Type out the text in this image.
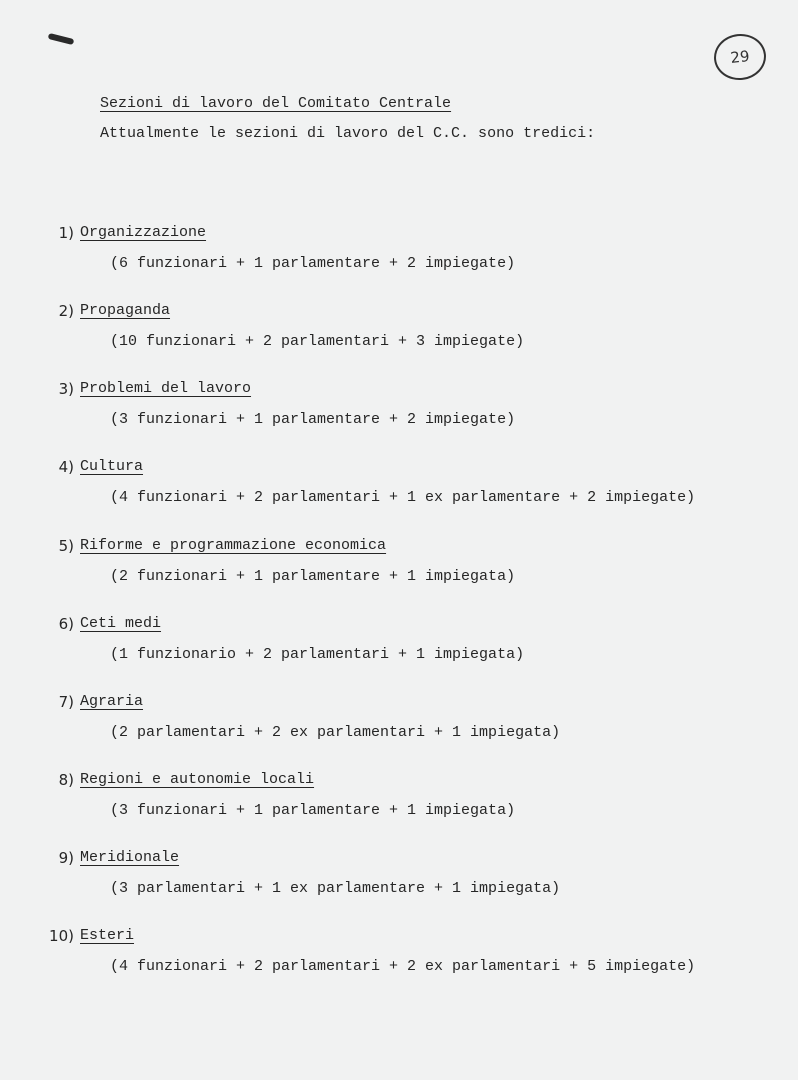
29
Sezioni di lavoro del Comitato Centrale
Attualmente le sezioni di lavoro del C.C. sono tredici:
1) Organizzazione
(6 funzionari + 1 parlamentare + 2 impiegate)
2) Propaganda
(10 funzionari + 2 parlamentari + 3 impiegate)
3) Problemi del lavoro
(3 funzionari + 1 parlamentare + 2 impiegate)
4) Cultura
(4 funzionari + 2 parlamentari + 1 ex parlamentare + 2 impiegate)
5) Riforme e programmazione economica
(2 funzionari + 1 parlamentare + 1 impiegata)
6) Ceti medi
(1 funzionario + 2 parlamentari + 1 impiegata)
7) Agraria
(2 parlamentari + 2 ex parlamentari + 1 impiegata)
8) Regioni e autonomie locali
(3 funzionari + 1 parlamentare + 1 impiegata)
9) Meridionale
(3 parlamentari + 1 ex parlamentare + 1 impiegata)
10) Esteri
(4 funzionari + 2 parlamentari + 2 ex parlamentari + 5 impiegate)
